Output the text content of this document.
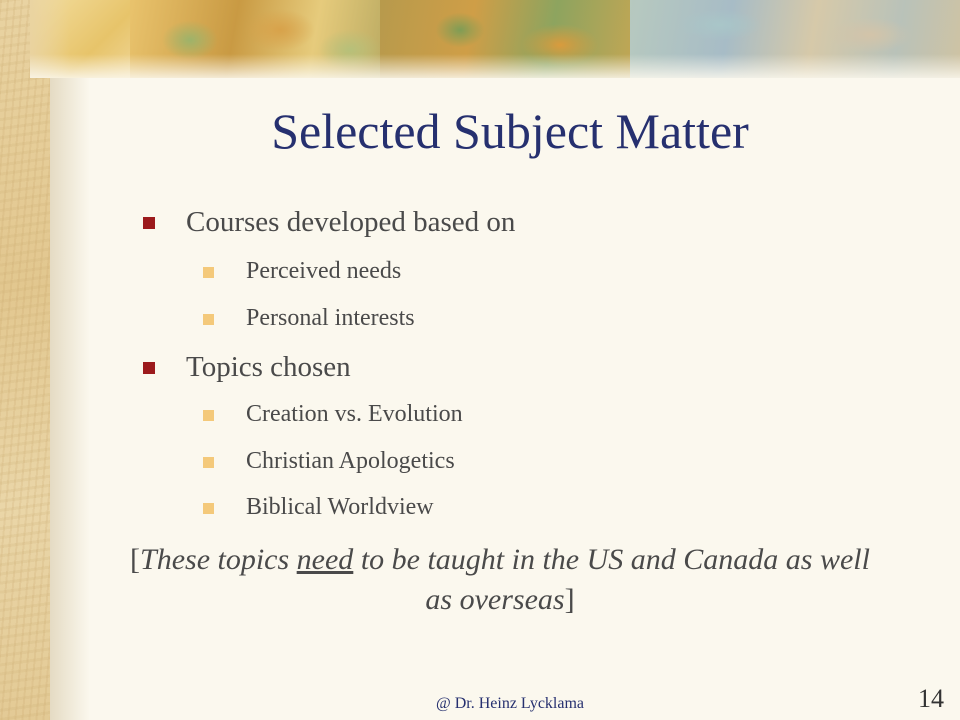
Selected Subject Matter
Courses developed based on
Perceived needs
Personal interests
Topics chosen
Creation vs. Evolution
Christian Apologetics
Biblical Worldview
[These topics need to be taught in the US and Canada as well as overseas]
@ Dr. Heinz Lycklama	14
